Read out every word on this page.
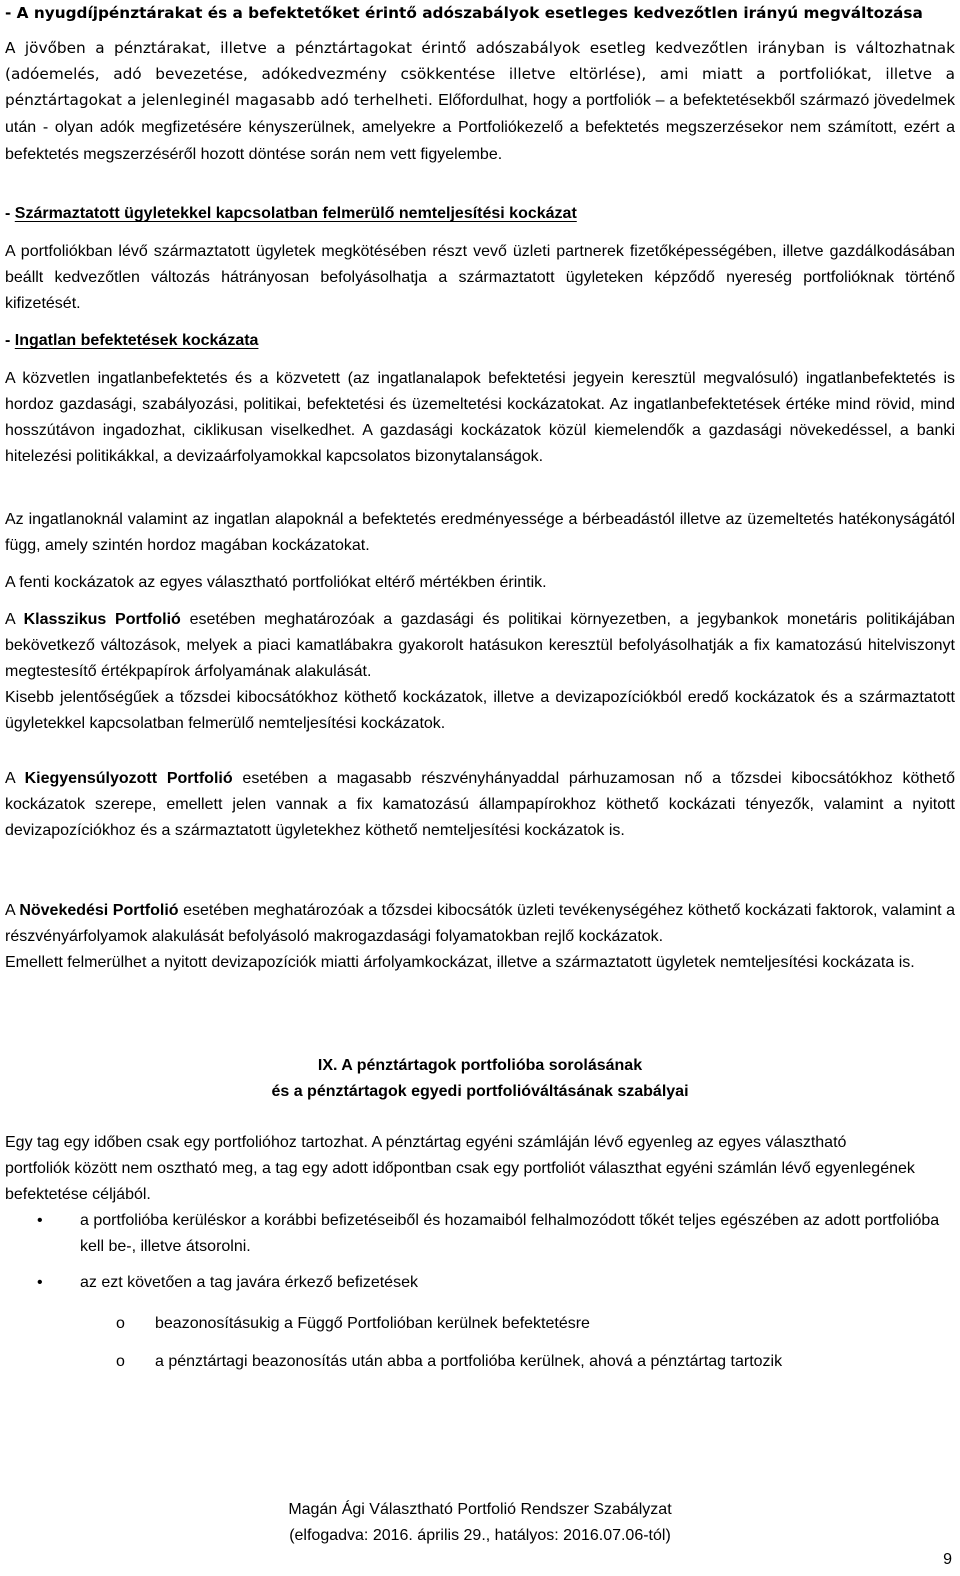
- A nyugdíjpénztárakat és a befektetőket érintő adószabályok esetleges kedvezőtlen irányú megváltozása

A jövőben a pénztárakat, illetve a pénztártagokat érintő adószabályok esetleg kedvezőtlen irányban is változhatnak (adóemelés, adó bevezetése, adókedvezmény csökkentése illetve eltörlése), ami miatt a portfoliókat, illetve a pénztártagokat a jelenleginél magasabb adó terhelheti. Előfordulhat, hogy a portfoliók – a befektetésekből származó jövedelmek után - olyan adók megfizetésére kényszerülnek, amelyekre a Portfoliókezelő a befektetés megszerzésekor nem számított, ezért a befektetés megszerzéséről hozott döntése során nem vett figyelembe.

- Származtatott ügyletekkel kapcsolatban felmerülő nemteljesítési kockázat

A portfoliókban lévő származtatott ügyletek megkötésében részt vevő üzleti partnerek fizetőképességében, illetve gazdálkodásában beállt kedvezőtlen változás hátrányosan befolyásolhatja a származtatott ügyleteken képződő nyereség portfolióknak történő kifizetését.

- Ingatlan befektetések kockázata

A közvetlen ingatlanbefektetés és a közvetett (az ingatlanalapok befektetési jegyein keresztül megvalósuló) ingatlanbefektetés is hordoz gazdasági, szabályozási, politikai, befektetési és üzemeltetési kockázatokat. Az ingatlanbefektetések értéke mind rövid, mind hosszútávon ingadozhat, ciklikusan viselkedhet. A gazdasági kockázatok közül kiemelendők a gazdasági növekedéssel, a banki hitelezési politikákkal, a devizaárfolyamokkal kapcsolatos bizonytalanságok.

Az ingatlanoknál valamint az ingatlan alapoknál a befektetés eredményessége a bérbeadástól illetve az üzemeltetés hatékonyságától függ, amely szintén hordoz magában kockázatokat.

A fenti kockázatok az egyes választható portfoliókat eltérő mértékben érintik.

A Klasszikus Portfolió esetében meghatározóak a gazdasági és politikai környezetben, a jegybankok monetáris politikájában bekövetkező változások, melyek a piaci kamatlábakra gyakorolt hatásukon keresztül befolyásolhatják a fix kamatozású hitelviszonyt megtestesítő értékpapírok árfolyamának alakulását.

Kisebb jelentőségűek a tőzsdei kibocsátókhoz köthető kockázatok, illetve a devizapozíciókból eredő kockázatok és a származtatott ügyletekkel kapcsolatban felmerülő nemteljesítési kockázatok.

A Kiegyensúlyozott Portfolió esetében a magasabb részvényhányaddal párhuzamosan nő a tőzsdei kibocsátókhoz köthető kockázatok szerepe, emellett jelen vannak a fix kamatozású állampapírokhoz köthető kockázati tényezők, valamint a nyitott devizapozíciókhoz és a származtatott ügyletekhez köthető nemteljesítési kockázatok is.

A Növekedési Portfolió esetében meghatározóak a tőzsdei kibocsátók üzleti tevékenységéhez köthető kockázati faktorok, valamint a részvényárfolyamok alakulását befolyásoló makrogazdasági folyamatokban rejlő kockázatok.

Emellett felmerülhet a nyitott devizapozíciók miatti árfolyamkockázat, illetve a származtatott ügyletek nemteljesítési kockázata is.

IX. A pénztártagok portfolióba sorolásának

és a pénztártagok egyedi portfolióváltásának szabályai

Egy tag egy időben csak egy portfolióhoz tartozhat. A pénztártag egyéni számláján lévő egyenleg az egyes választható portfoliók között nem osztható meg, a tag egy adott időpontban csak egy portfoliót választhat egyéni számlán lévő egyenlegének befektetése céljából.

• a portfolióba kerüléskor a korábbi befizetéseiből és hozamaiból felhalmozódott tőkét teljes egészében az adott portfolióba kell be-, illetve átsorolni.
• az ezt követően a tag javára érkező befizetések
o beazonosításukig a Függő Portfolióban kerülnek befektetésre
o a pénztártagi beazonosítás után abba a portfolióba kerülnek, ahová a pénztártag tartozik
Magán Ági Választható Portfolió Rendszer Szabályzat
(elfogadva: 2016. április 29., hatályos: 2016.07.06-tól)
9
